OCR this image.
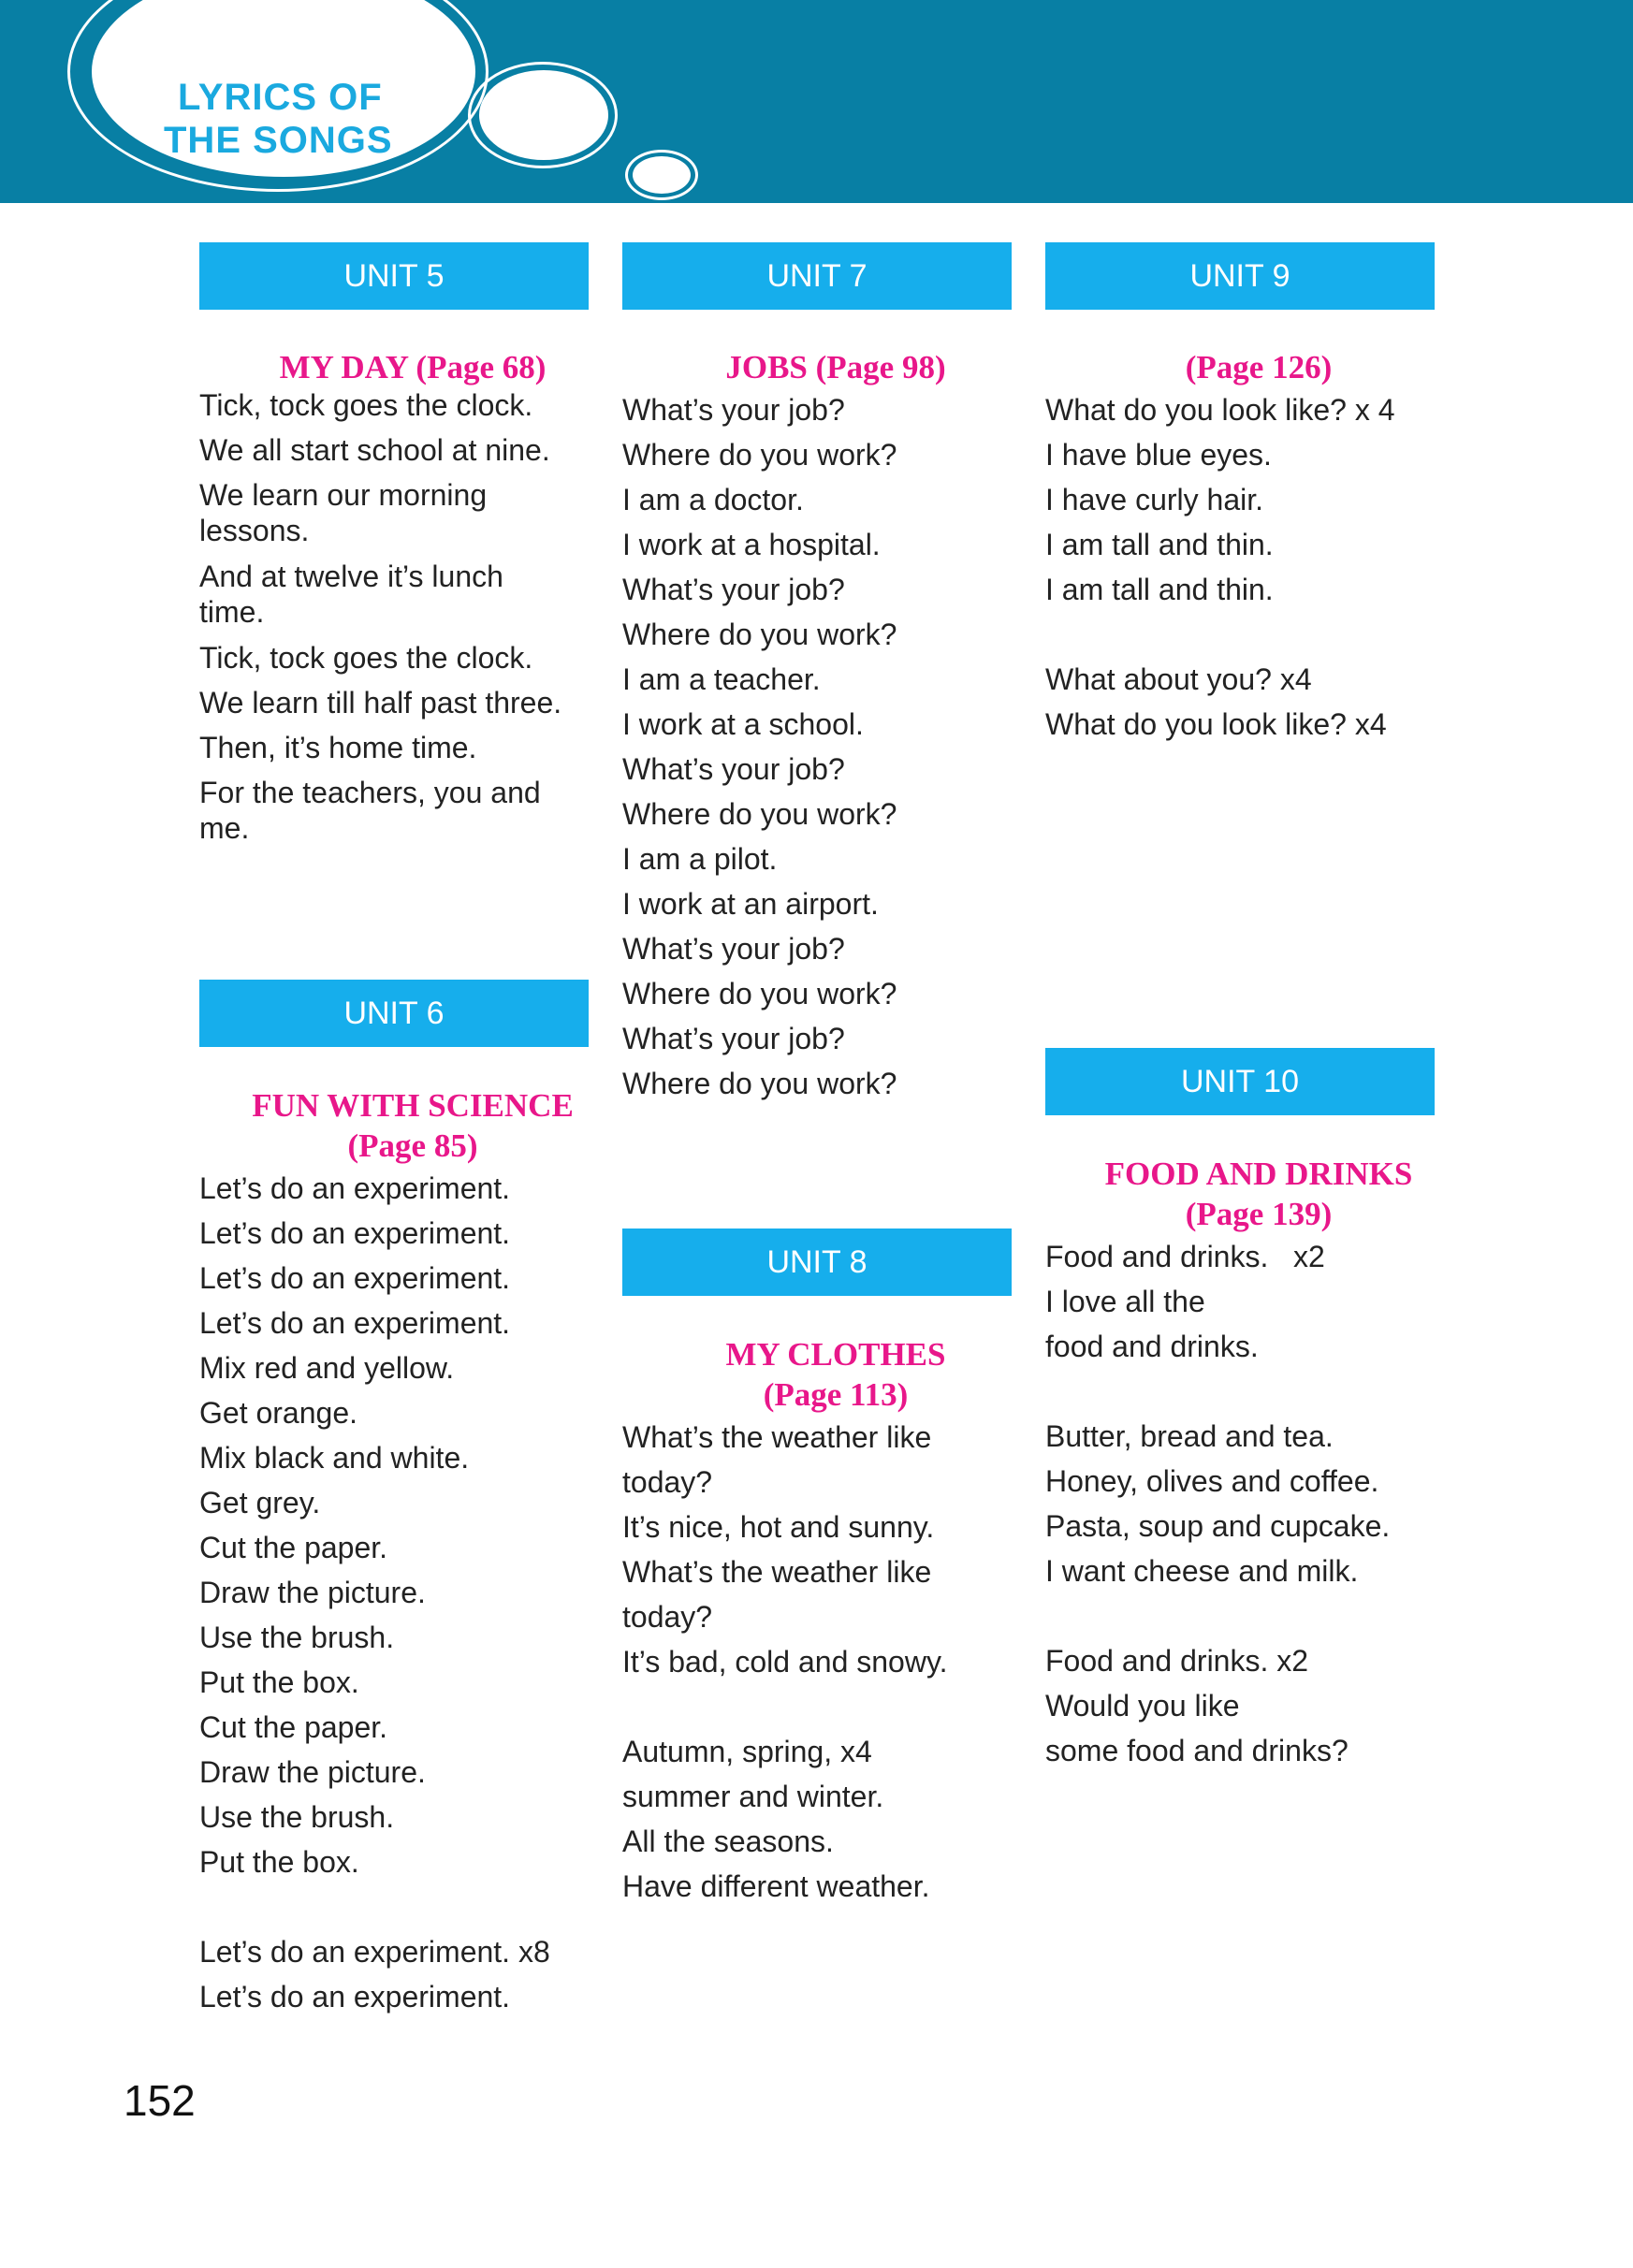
LYRICS OF
THE SONGS
UNIT 5
MY DAY (Page 68)
Tick, tock goes the clock.
We all start school at nine.
We learn our morning
lessons.
And at twelve it’s lunch
time.
Tick, tock goes the clock.
We learn till half past three.
Then, it’s home time.
For the teachers, you and
me.
UNIT 6
FUN WITH SCIENCE
(Page 85)
Let’s do an experiment.
Let’s do an experiment.
Let’s do an experiment.
Let’s do an experiment.
Mix red and yellow.
Get orange.
Mix black and white.
Get grey.
Cut the paper.
Draw the picture.
Use the brush.
Put the box.
Cut the paper.
Draw the picture.
Use the brush.
Put the box.
Let’s do an experiment. x8
Let’s do an experiment.
UNIT 7
JOBS (Page 98)
What’s your job?
Where do you work?
I am a doctor.
I work at a hospital.
What’s your job?
Where do you work?
I am a teacher.
I work at a school.
What’s your job?
Where do you work?
I am a pilot.
I work at an airport.
What’s your job?
Where do you work?
What’s your job?
Where do you work?
UNIT 8
MY CLOTHES
(Page 113)
What’s the weather like
today?
It’s nice, hot and sunny.
What’s the weather like
today?
It’s bad, cold and snowy.
Autumn, spring, x4
summer and winter.
All the seasons.
Have different weather.
UNIT 9
(Page 126)
What do you look like? x 4
I have blue eyes.
I have curly hair.
I am tall and thin.
I am tall and thin.
What about you? x4
What do you look like? x4
UNIT 10
FOOD AND DRINKS
(Page 139)
Food and drinks.   x2
I love all the
food and drinks.
Butter, bread and tea.
Honey, olives and coffee.
Pasta, soup and cupcake.
I want cheese and milk.
Food and drinks. x2
Would you like
some food and drinks?
152
